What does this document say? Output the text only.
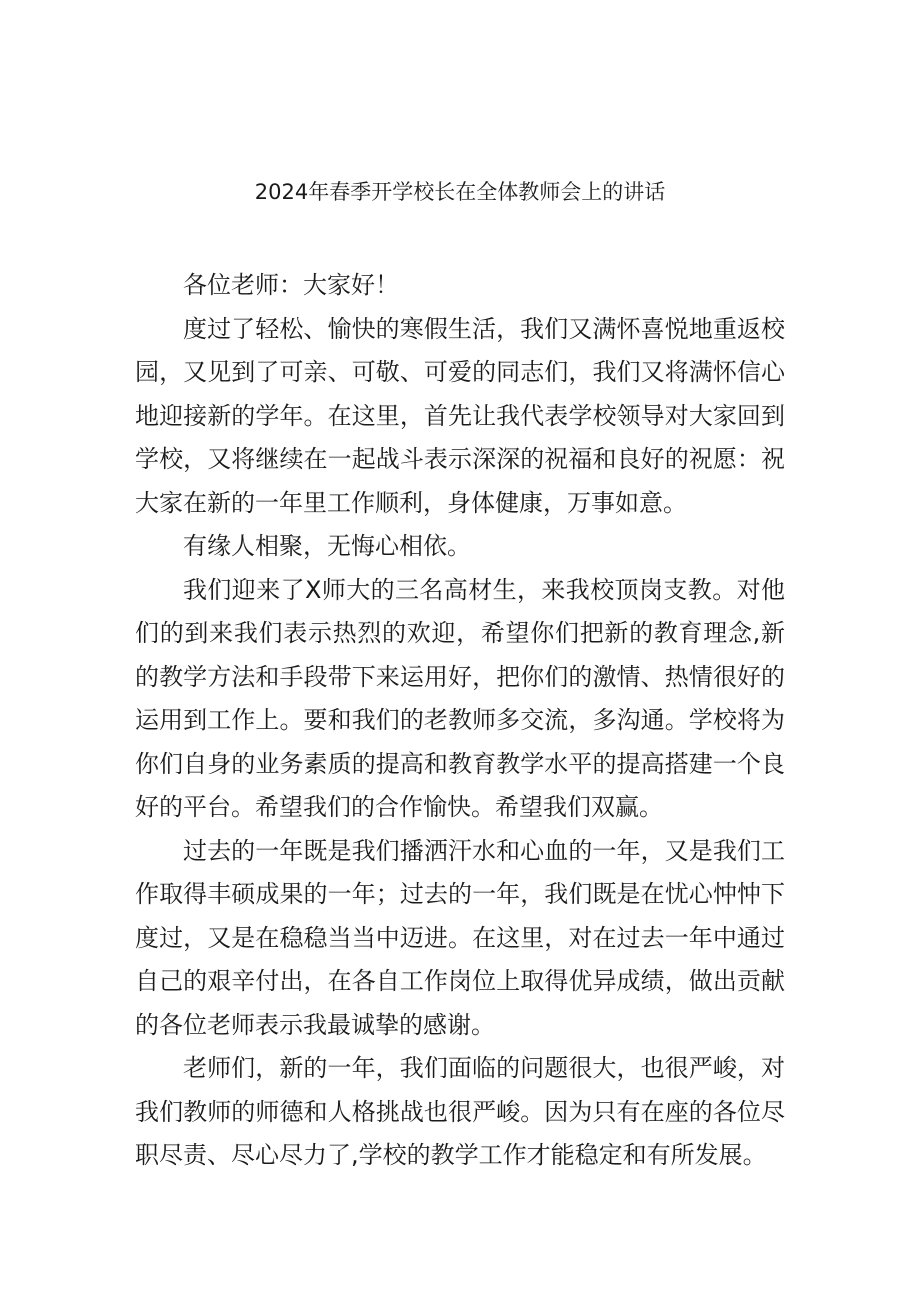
2024年春季开学校长在全体教师会上的讲话

各位老师：大家好！

度过了轻松、愉快的寒假生活，我们又满怀喜悦地重返校园，又见到了可亲、可敬、可爱的同志们，我们又将满怀信心地迎接新的学年。在这里，首先让我代表学校领导对大家回到学校，又将继续在一起战斗表示深深的祝福和良好的祝愿：祝大家在新的一年里工作顺利，身体健康，万事如意。

有缘人相聚，无悔心相依。

我们迎来了X师大的三名高材生，来我校顶岗支教。对他们的到来我们表示热烈的欢迎，希望你们把新的教育理念,新的教学方法和手段带下来运用好，把你们的激情、热情很好的运用到工作上。要和我们的老教师多交流，多沟通。学校将为你们自身的业务素质的提高和教育教学水平的提高搭建一个良好的平台。希望我们的合作愉快。希望我们双赢。

过去的一年既是我们播洒汗水和心血的一年，又是我们工作取得丰硕成果的一年；过去的一年，我们既是在忧心忡忡下度过，又是在稳稳当当中迈进。在这里，对在过去一年中通过自己的艰辛付出，在各自工作岗位上取得优异成绩，做出贡献的各位老师表示我最诚挚的感谢。

老师们，新的一年，我们面临的问题很大，也很严峻，对我们教师的师德和人格挑战也很严峻。因为只有在座的各位尽职尽责、尽心尽力了,学校的教学工作才能稳定和有所发展。
